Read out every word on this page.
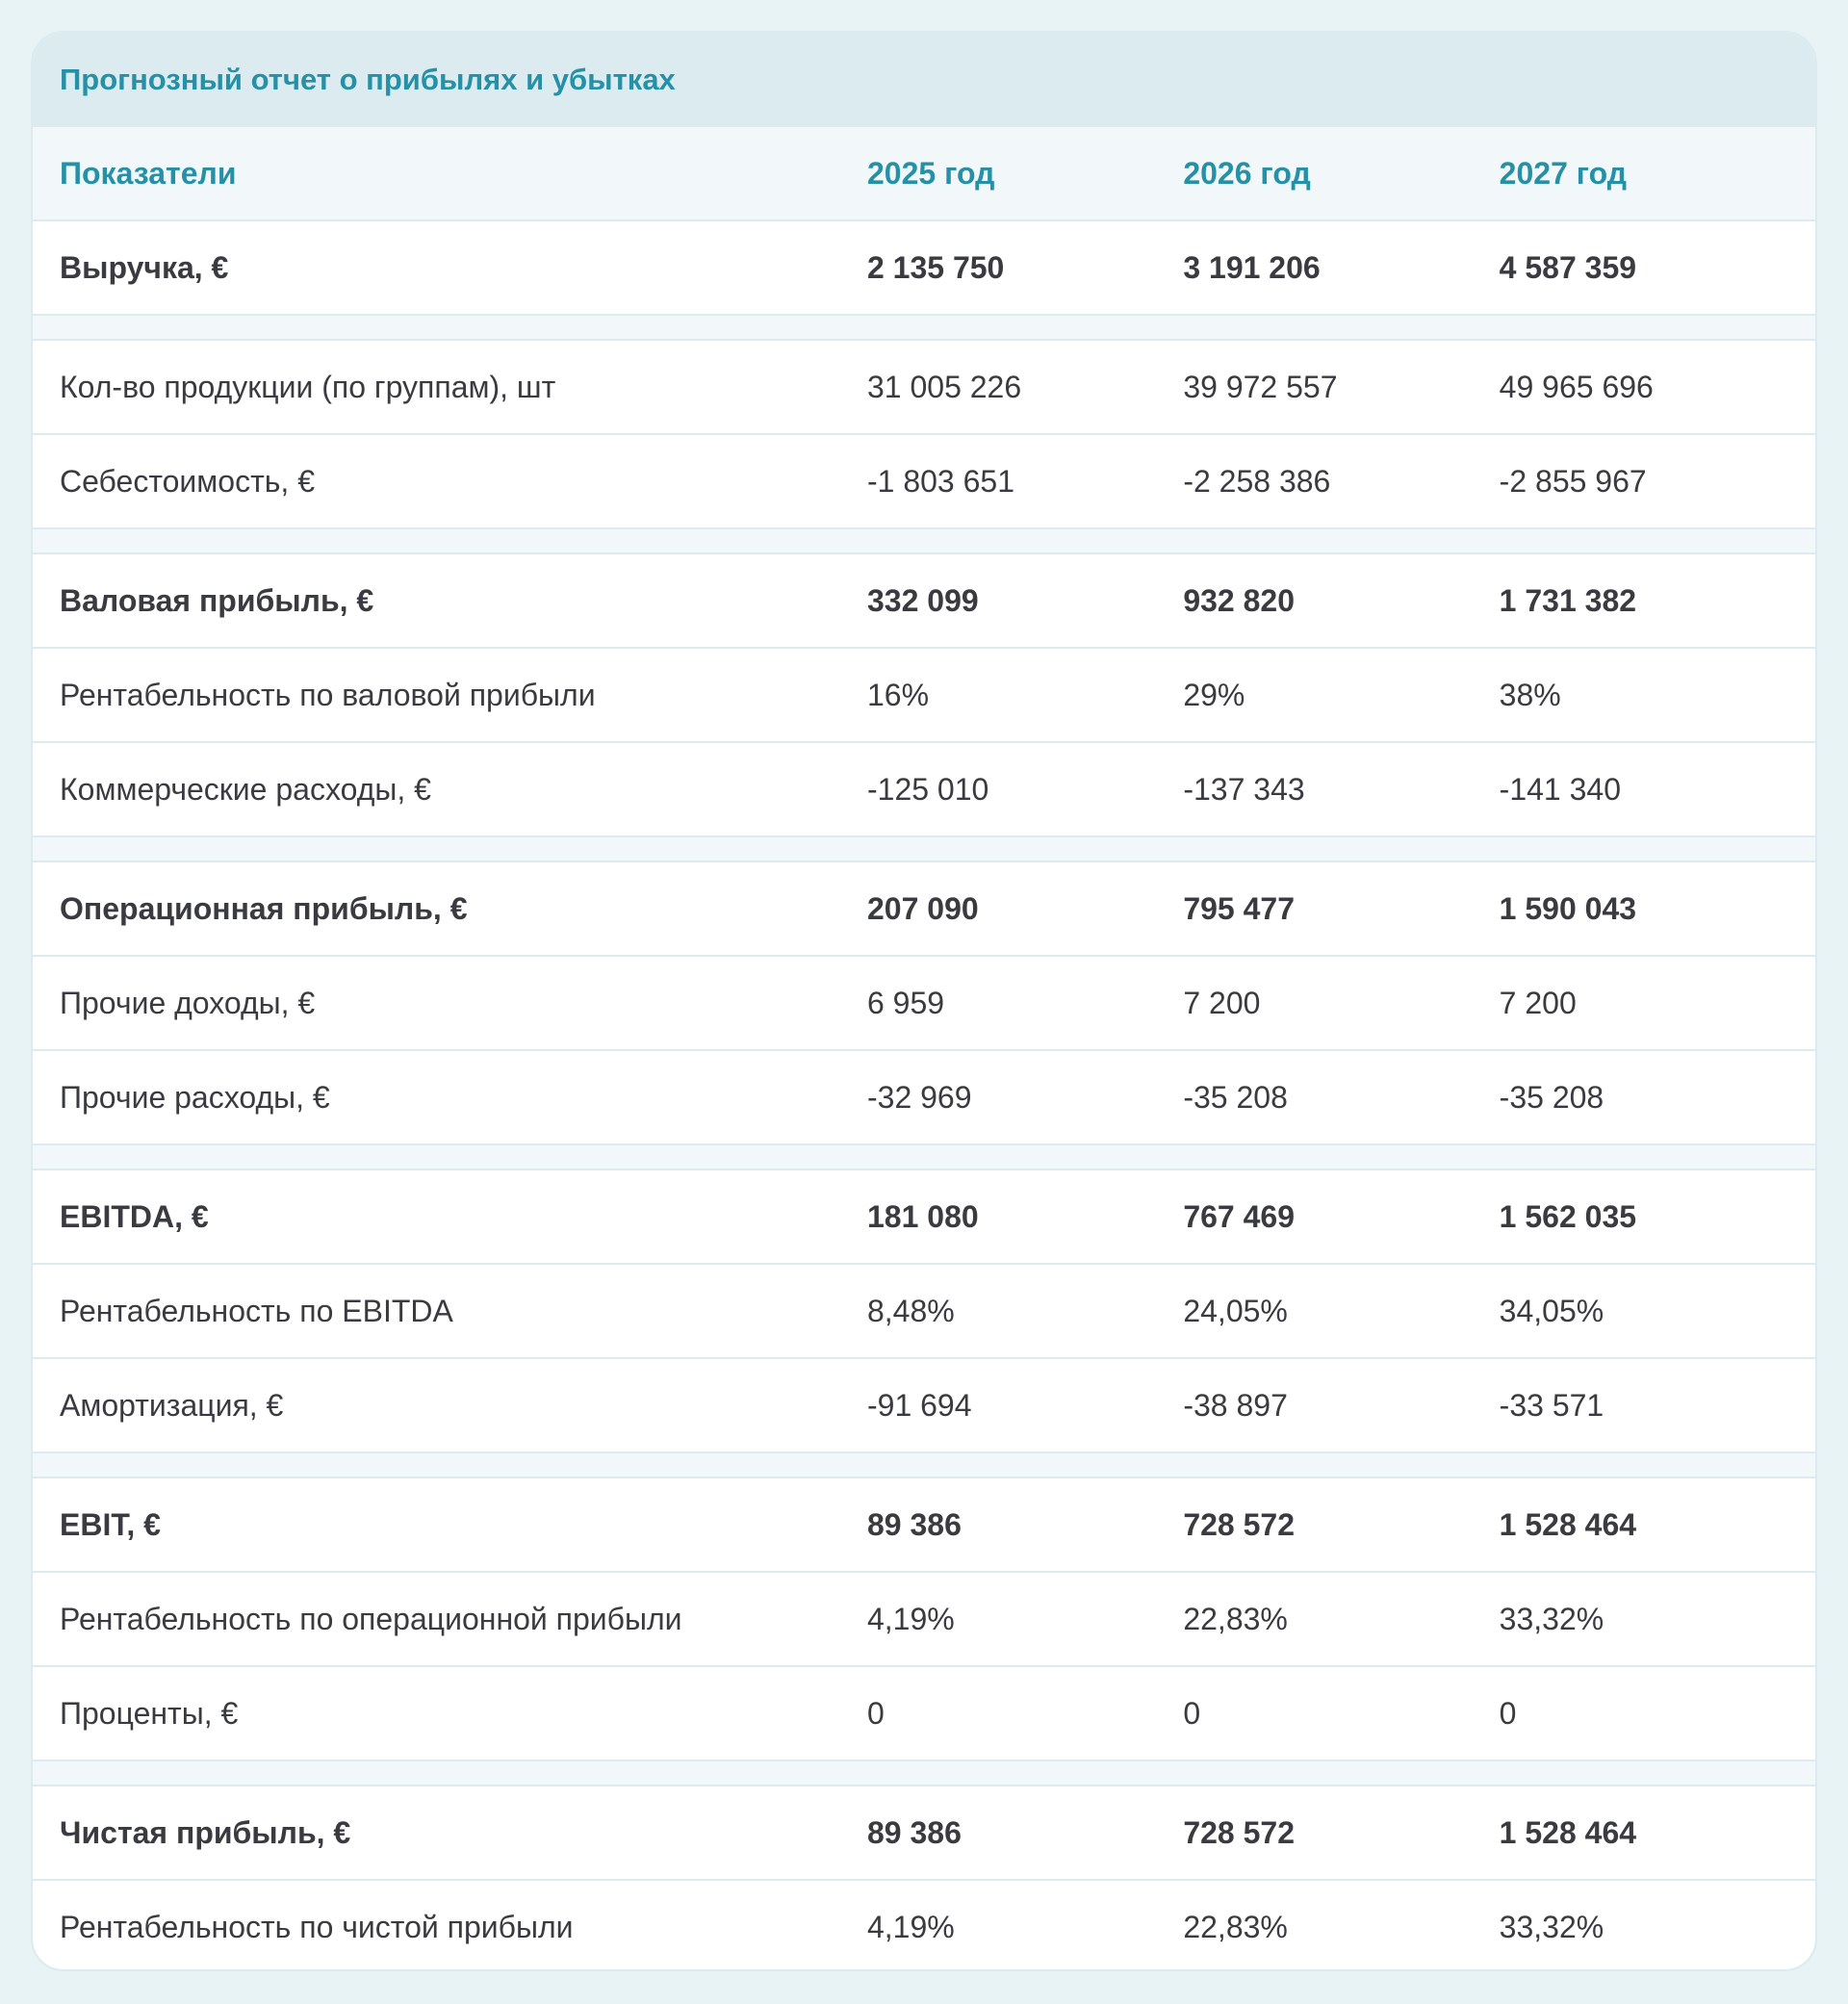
Прогнозный отчет о прибылях и убытках
Показатели	2025 год	2026 год	2027 год
Выручка, €	2 135 750	3 191 206	4 587 359
Кол-во продукции (по группам), шт	31 005 226	39 972 557	49 965 696
Себестоимость, €	-1 803 651	-2 258 386	-2 855 967
Валовая прибыль, €	332 099	932 820	1 731 382
Рентабельность по валовой прибыли	16%	29%	38%
Коммерческие расходы, €	-125 010	-137 343	-141 340
Операционная прибыль, €	207 090	795 477	1 590 043
Прочие доходы, €	6 959	7 200	7 200
Прочие расходы, €	-32 969	-35 208	-35 208
EBITDA, €	181 080	767 469	1 562 035
Рентабельность по EBITDA	8,48%	24,05%	34,05%
Амортизация, €	-91 694	-38 897	-33 571
EBIT, €	89 386	728 572	1 528 464
Рентабельность по операционной прибыли	4,19%	22,83%	33,32%
Проценты, €	0	0	0
Чистая прибыль, €	89 386	728 572	1 528 464
Рентабельность по чистой прибыли	4,19%	22,83%	33,32%
